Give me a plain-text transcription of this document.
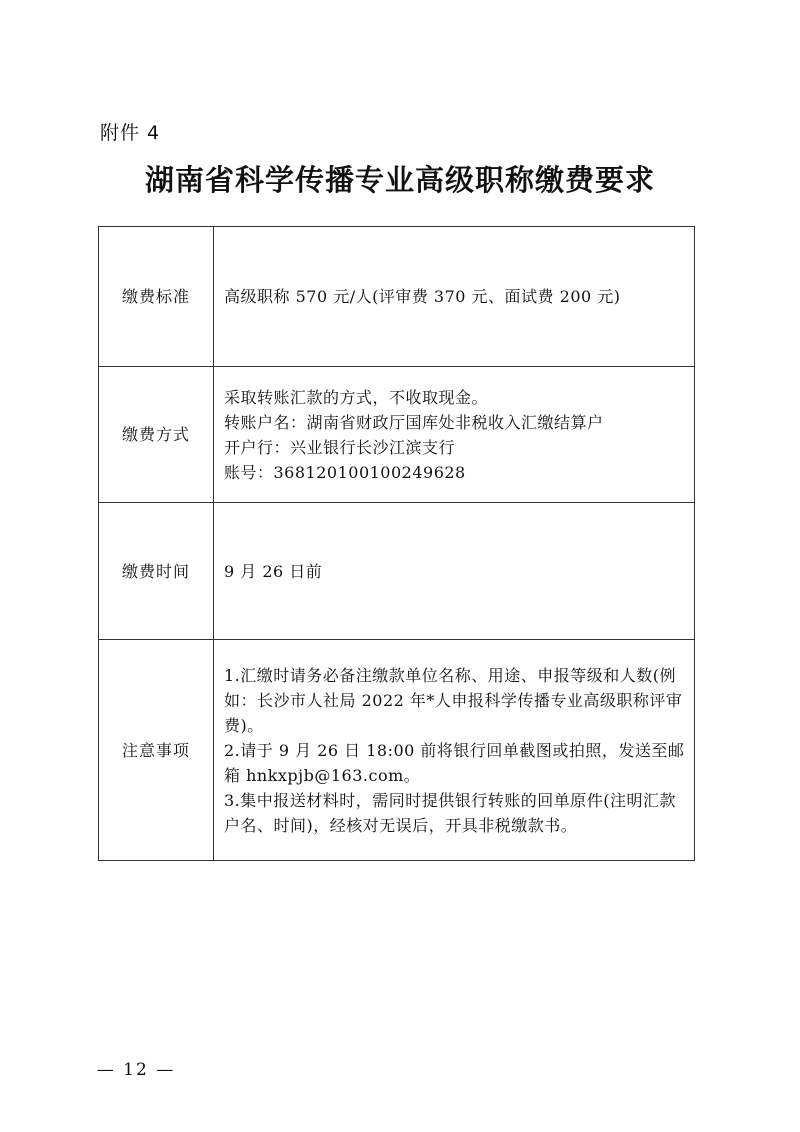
附件 4
湖南省科学传播专业高级职称缴费要求
缴费标准	高级职称 570 元/人(评审费 370 元、面试费 200 元)
缴费方式	采取转账汇款的方式，不收取现金。
转账户名：湖南省财政厅国库处非税收入汇缴结算户
开户行：兴业银行长沙江滨支行
账号：368120100100249628

缴费时间	9 月 26 日前
注意事项	1.汇缴时请务必备注缴款单位名称、用途、申报等级和人数(例如：长沙市人社局 2022 年*人申报科学传播专业高级职称评审费)。
2.请于 9 月 26 日 18:00 前将银行回单截图或拍照，发送至邮箱 hnkxpjb@163.com。
3.集中报送材料时，需同时提供银行转账的回单原件(注明汇款户名、时间)，经核对无误后，开具非税缴款书。
— 12 —
